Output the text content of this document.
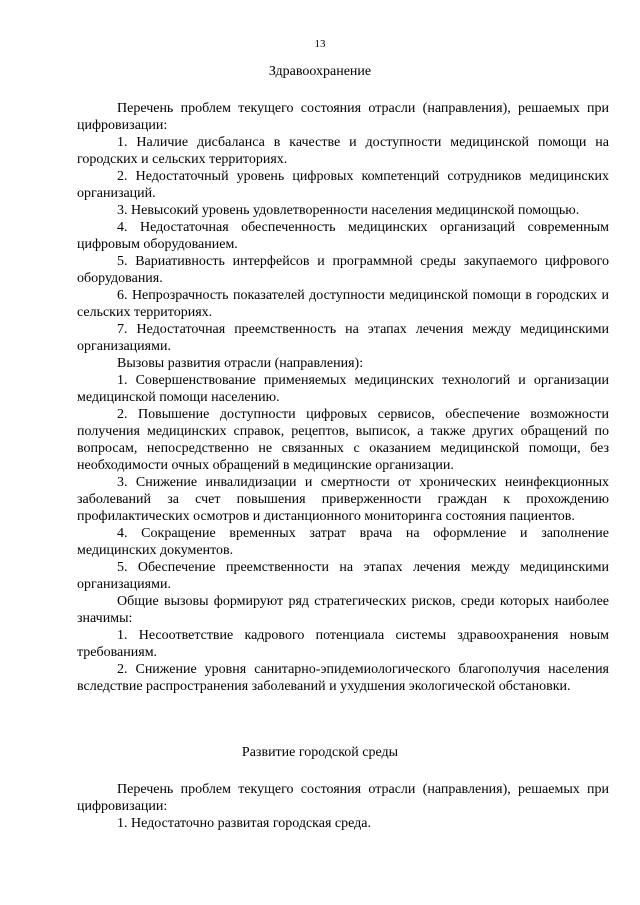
13
Здравоохранение

Перечень проблем текущего состояния отрасли (направления), решаемых при цифровизации:

1. Наличие дисбаланса в качестве и доступности медицинской помощи на городских и сельских территориях.

2. Недостаточный уровень цифровых компетенций сотрудников медицинских организаций.

3. Невысокий уровень удовлетворенности населения медицинской помощью.

4. Недостаточная обеспеченность медицинских организаций современным цифровым оборудованием.

5. Вариативность интерфейсов и программной среды закупаемого цифрового оборудования.

6. Непрозрачность показателей доступности медицинской помощи в городских и сельских территориях.

7. Недостаточная преемственность на этапах лечения между медицинскими организациями.

Вызовы развития отрасли (направления):

1. Совершенствование применяемых медицинских технологий и организации медицинской помощи населению.

2. Повышение доступности цифровых сервисов, обеспечение возможности получения медицинских справок, рецептов, выписок, а также других обращений по вопросам, непосредственно не связанных с оказанием медицинской помощи, без необходимости очных обращений в медицинские организации.

3. Снижение инвалидизации и смертности от хронических неинфекционных заболеваний за счет повышения приверженности граждан к прохождению профилактических осмотров и дистанционного мониторинга состояния пациентов.

4. Сокращение временных затрат врача на оформление и заполнение медицинских документов.

5. Обеспечение преемственности на этапах лечения между медицинскими организациями.

Общие вызовы формируют ряд стратегических рисков, среди которых наиболее значимы:

1. Несоответствие кадрового потенциала системы здравоохранения новым требованиям.

2. Снижение уровня санитарно-эпидемиологического благополучия населения вследствие распространения заболеваний и ухудшения экологической обстановки.

Развитие городской среды

Перечень проблем текущего состояния отрасли (направления), решаемых при цифровизации:

1. Недостаточно развитая городская среда.
